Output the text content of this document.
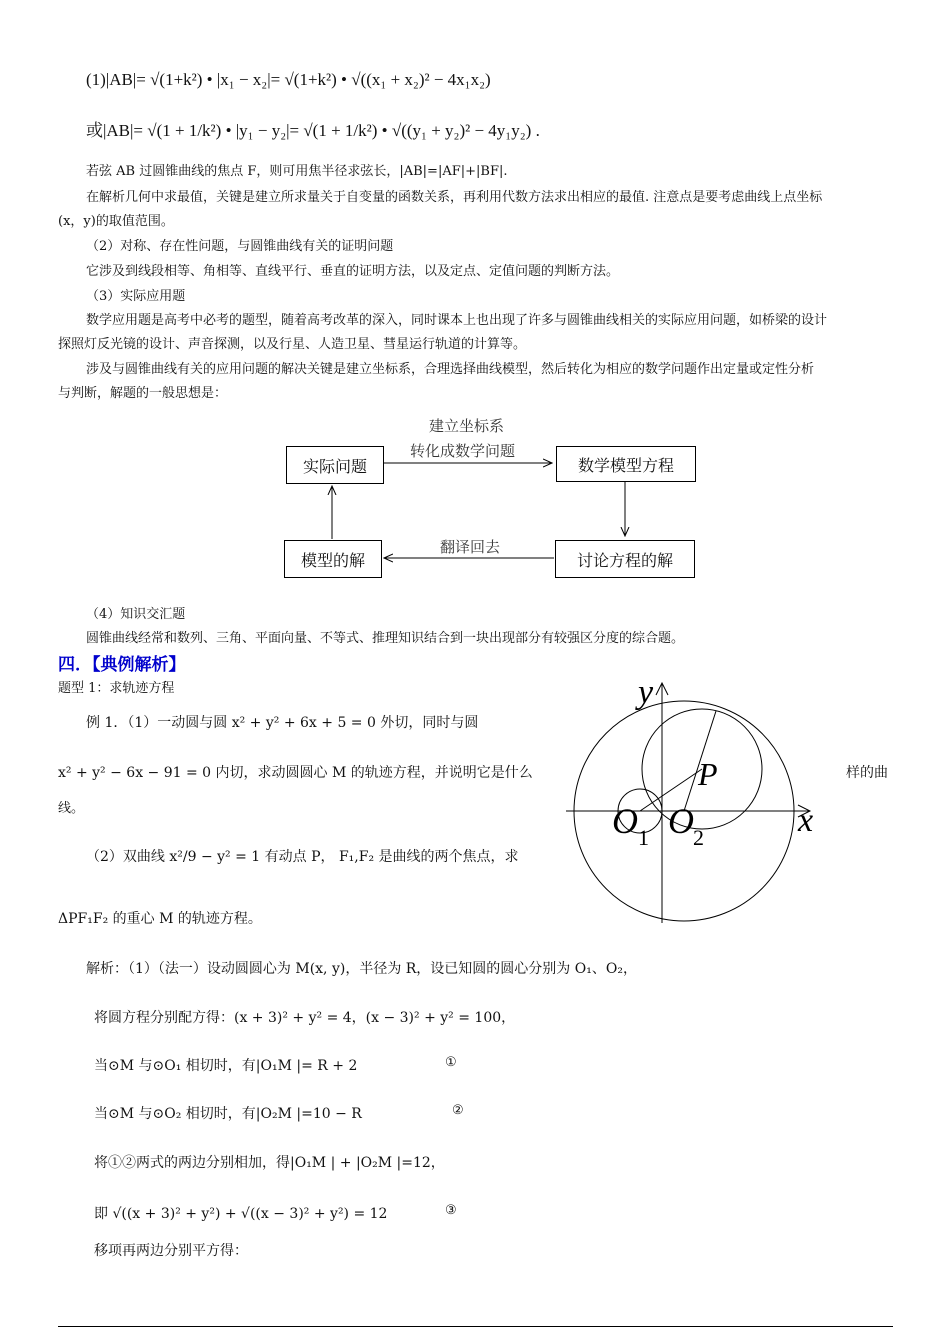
(1)|AB|= √(1+k²) • |x₁ − x₂|= √(1+k²) • √((x₁ + x₂)² − 4x₁x₂)
或|AB|= √(1 + 1/k²) • |y₁ − y₂|= √(1 + 1/k²) • √((y₁ + y₂)² − 4y₁y₂) .
若弦 AB 过圆锥曲线的焦点 F，则可用焦半径求弦长，|AB|=|AF|+|BF|.
在解析几何中求最值，关键是建立所求量关于自变量的函数关系，再利用代数方法求出相应的最值. 注意点是要考虑曲线上点坐标
(x，y)的取值范围。
（2）对称、存在性问题，与圆锥曲线有关的证明问题
它涉及到线段相等、角相等、直线平行、垂直的证明方法，以及定点、定值问题的判断方法。
（3）实际应用题
数学应用题是高考中必考的题型，随着高考改革的深入，同时课本上也出现了许多与圆锥曲线相关的实际应用问题，如桥梁的设计
探照灯反光镜的设计、声音探测，以及行星、人造卫星、彗星运行轨道的计算等。
涉及与圆锥曲线有关的应用问题的解决关键是建立坐标系，合理选择曲线模型，然后转化为相应的数学问题作出定量或定性分析
与判断，解题的一般思想是：
建立坐标系
转化成数学问题
实际问题	数学模型方程
讨论方程的解
模型的解
翻译回去
（4）知识交汇题
圆锥曲线经常和数列、三角、平面向量、不等式、推理知识结合到一块出现部分有较强区分度的综合题。
四．【典例解析】
题型 1：求轨迹方程
例 1．（1）一动圆与圆 x² + y² + 6x + 5 = 0 外切，同时与圆
x² + y² − 6x − 91 = 0 内切，求动圆圆心 M 的轨迹方程，并说明它是什么	样的曲
线。
（2）双曲线 x²/9 − y² = 1 有动点 P， F₁,F₂ 是曲线的两个焦点，求
ΔPF₁F₂ 的重心 M 的轨迹方程。
y
x
P
O 1 O 2
解析：（1）（法一）设动圆圆心为 M(x, y)，半径为 R，设已知圆的圆心分别为 O₁、O₂，
将圆方程分别配方得：(x + 3)² + y² = 4，(x − 3)² + y² = 100，
当⊙M 与⊙O₁ 相切时，有|O₁M |= R + 2	①
当⊙M 与⊙O₂ 相切时，有|O₂M |=10 − R	②
将①②两式的两边分别相加，得|O₁M | + |O₂M |=12，
即 √((x + 3)² + y²) + √((x − 3)² + y²) = 12	③
移项再两边分别平方得：
